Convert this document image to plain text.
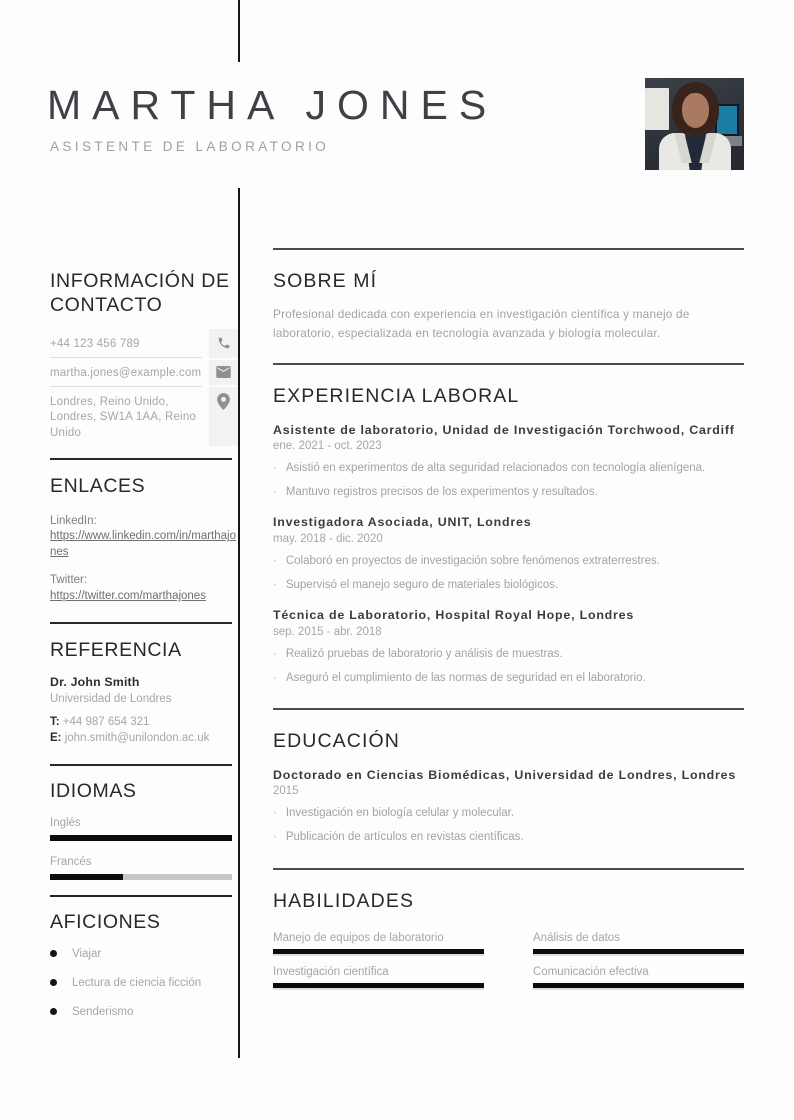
MARTHA JONES
ASISTENTE DE LABORATORIO
INFORMACIÓN DE CONTACTO
+44 123 456 789
martha.jones@example.com
Londres, Reino Unido, Londres, SW1A 1AA, Reino Unido
ENLACES
LinkedIn:
https://www.linkedin.com/in/marthajones
Twitter:
https://twitter.com/marthajones
REFERENCIA
Dr. John Smith
Universidad de Londres
T: +44 987 654 321
E: john.smith@unilondon.ac.uk
IDIOMAS
Inglés
Francés
AFICIONES
Viajar
Lectura de ciencia ficción
Senderismo
SOBRE MÍ
Profesional dedicada con experiencia en investigación científica y manejo de laboratorio, especializada en tecnología avanzada y biología molecular.
EXPERIENCIA LABORAL
Asistente de laboratorio, Unidad de Investigación Torchwood, Cardiff
ene. 2021 - oct. 2023
· Asistió en experimentos de alta seguridad relacionados con tecnología alienígena.
· Mantuvo registros precisos de los experimentos y resultados.
Investigadora Asociada, UNIT, Londres
may. 2018 - dic. 2020
· Colaboró en proyectos de investigación sobre fenómenos extraterrestres.
· Supervisó el manejo seguro de materiales biológicos.
Técnica de Laboratorio, Hospital Royal Hope, Londres
sep. 2015 - abr. 2018
· Realizó pruebas de laboratorio y análisis de muestras.
· Aseguró el cumplimiento de las normas de seguridad en el laboratorio.
EDUCACIÓN
Doctorado en Ciencias Biomédicas, Universidad de Londres, Londres
2015
· Investigación en biología celular y molecular.
· Publicación de artículos en revistas científicas.
HABILIDADES
Manejo de equipos de laboratorio	Análisis de datos
Investigación científica	Comunicación efectiva
